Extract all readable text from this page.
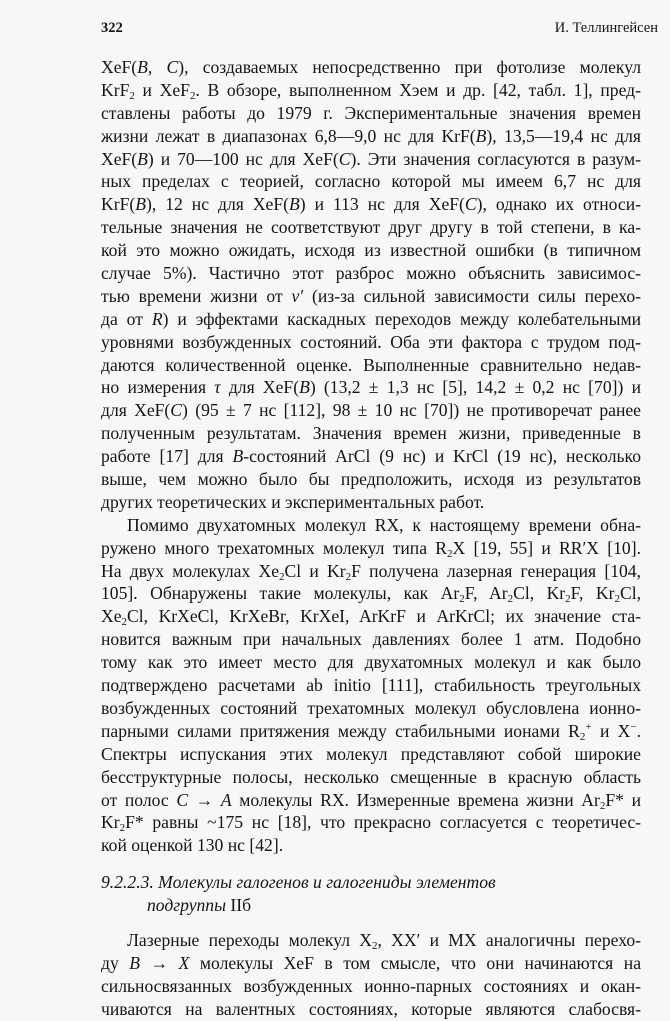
322	И. Теллингейсен
XeF(B, C), создаваемых непосредственно при фотолизе молекул
KrF$_2$ и XeF$_2$. В обзоре, выполненном Хэем и др. [42, табл. 1], пред-
ставлены работы до 1979 г. Экспериментальные значения времен
жизни лежат в диапазонах 6,8—9,0 нс для KrF(B), 13,5—19,4 нс для
XeF(B) и 70—100 нс для XeF(C). Эти значения согласуются в разум-
ных пределах с теорией, согласно которой мы имеем 6,7 нс для
KrF(B), 12 нс для XeF(B) и 113 нс для XeF(C), однако их относи-
тельные значения не соответствуют друг другу в той степени, в ка-
кой это можно ожидать, исходя из известной ошибки (в типичном
случае 5%). Частично этот разброс можно объяснить зависимос-
тью времени жизни от v′ (из-за сильной зависимости силы перехо-
да от R) и эффектами каскадных переходов между колебательными
уровнями возбужденных состояний. Оба эти фактора с трудом под-
даются количественной оценке. Выполненные сравнительно недав-
но измерения τ для XeF(B) (13,2 ± 1,3 нс [5], 14,2 ± 0,2 нс [70]) и
для XeF(C) (95 ± 7 нс [112], 98 ± 10 нс [70]) не противоречат ранее
полученным результатам. Значения времен жизни, приведенные в
работе [17] для B-состояний ArCl (9 нс) и KrCl (19 нс), несколько
выше, чем можно было бы предположить, исходя из результатов
других теоретических и экспериментальных работ.
Помимо двухатомных молекул RX, к настоящему времени обна-
ружено много трехатомных молекул типа $R_2X$ [19, 55] и RR′X [10].
На двух молекулах $Xe_2Cl$ и $Kr_2F$ получена лазерная генерация [104,
105]. Обнаружены такие молекулы, как $Ar_2F$, $Ar_2Cl$, $Kr_2F$, $Kr_2Cl$,
$Xe_2Cl$, KrXeCl, KrXeBr, KrXeI, ArKrF и ArKrCl; их значение ста-
новится важным при начальных давлениях более 1 атм. Подобно
тому как это имеет место для двухатомных молекул и как было
подтверждено расчетами ab initio [111], стабильность треугольных
возбужденных состояний трехатомных молекул обусловлена ионно-
парными силами притяжения между стабильными ионами $R_2^+$ и X−.
Спектры испускания этих молекул представляют собой широкие
бесструктурные полосы, несколько смещенные в красную область
от полос C → A молекулы RX. Измеренные времена жизни $Ar_2F*$ и
$Kr_2F*$ равны ~175 нс [18], что прекрасно согласуется с теоретичес-
кой оценкой 130 нс [42].
9.2.2.3. Молекулы галогенов и галогениды элементов
подгруппы IIб
Лазерные переходы молекул $X_2$, XX′ и MX аналогичны перехо-
ду B → X молекулы XeF в том смысле, что они начинаются на
сильносвязанных возбужденных ионно-парных состояниях и окан-
чиваются на валентных состояниях, которые являются слабосвя-
